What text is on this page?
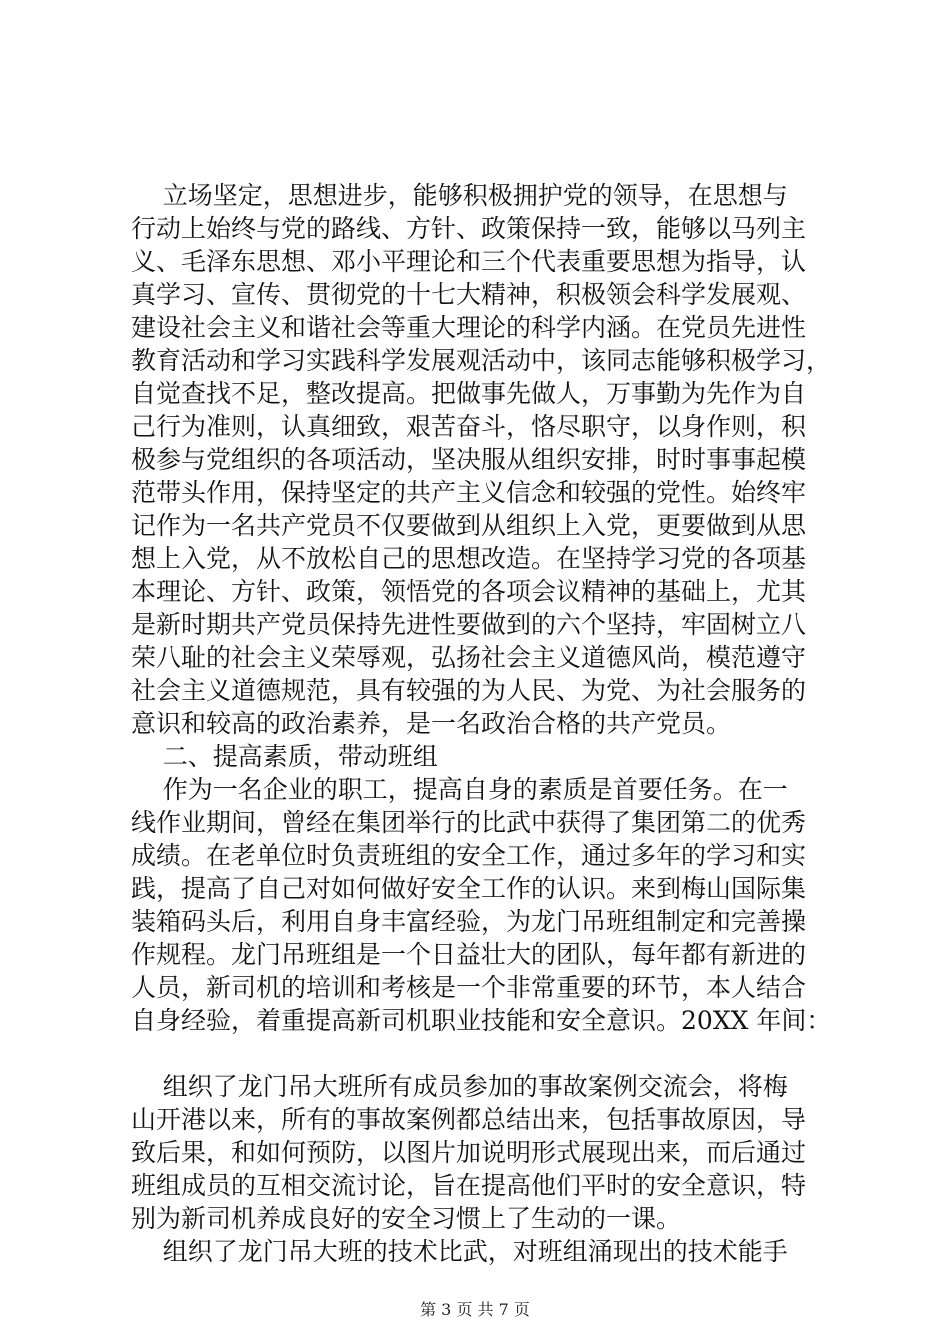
立场坚定，思想进步，能够积极拥护党的领导，在思想与
行动上始终与党的路线、方针、政策保持一致，能够以马列主
义、毛泽东思想、邓小平理论和三个代表重要思想为指导，认
真学习、宣传、贯彻党的十七大精神，积极领会科学发展观、
建设社会主义和谐社会等重大理论的科学内涵。在党员先进性
教育活动和学习实践科学发展观活动中，该同志能够积极学习，
自觉查找不足，整改提高。把做事先做人，万事勤为先作为自
己行为准则，认真细致，艰苦奋斗，恪尽职守，以身作则，积
极参与党组织的各项活动，坚决服从组织安排，时时事事起模
范带头作用，保持坚定的共产主义信念和较强的党性。始终牢
记作为一名共产党员不仅要做到从组织上入党，更要做到从思
想上入党，从不放松自己的思想改造。在坚持学习党的各项基
本理论、方针、政策，领悟党的各项会议精神的基础上，尤其
是新时期共产党员保持先进性要做到的六个坚持，牢固树立八
荣八耻的社会主义荣辱观，弘扬社会主义道德风尚，模范遵守
社会主义道德规范，具有较强的为人民、为党、为社会服务的
意识和较高的政治素养，是一名政治合格的共产党员。
二、提高素质，带动班组
作为一名企业的职工，提高自身的素质是首要任务。在一
线作业期间，曾经在集团举行的比武中获得了集团第二的优秀
成绩。在老单位时负责班组的安全工作，通过多年的学习和实
践，提高了自己对如何做好安全工作的认识。来到梅山国际集
装箱码头后，利用自身丰富经验，为龙门吊班组制定和完善操
作规程。龙门吊班组是一个日益壮大的团队，每年都有新进的
人员，新司机的培训和考核是一个非常重要的环节，本人结合
自身经验，着重提高新司机职业技能和安全意识。20XX 年间：
组织了龙门吊大班所有成员参加的事故案例交流会，将梅
山开港以来，所有的事故案例都总结出来，包括事故原因，导
致后果，和如何预防，以图片加说明形式展现出来，而后通过
班组成员的互相交流讨论，旨在提高他们平时的安全意识，特
别为新司机养成良好的安全习惯上了生动的一课。
组织了龙门吊大班的技术比武，对班组涌现出的技术能手
第 3 页 共 7 页
